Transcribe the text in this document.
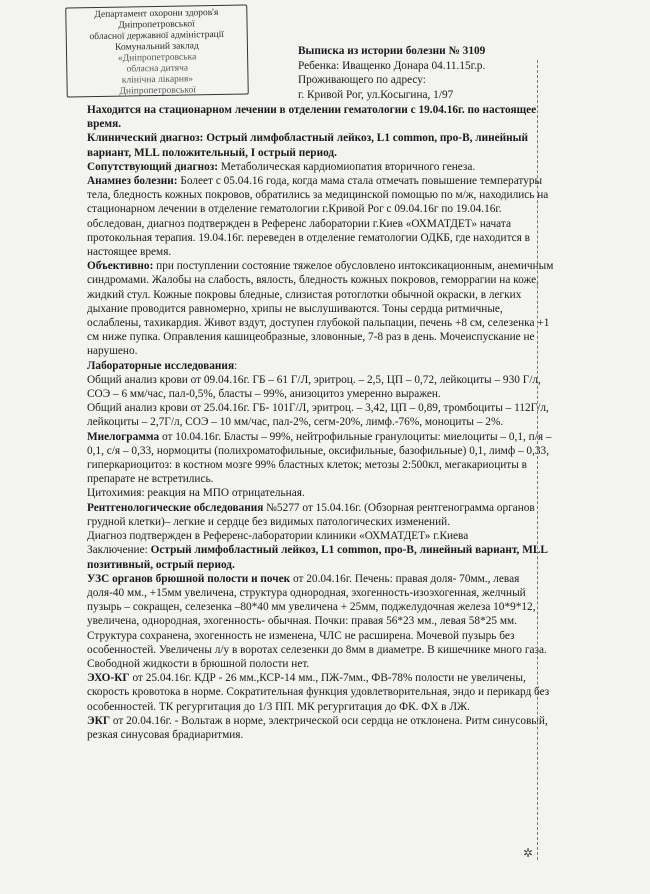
Департамент охорони здоров'я
Дніпропетровської
обласної державної адміністрації
Комунальний заклад
«Дніпропетровська
обласна дитяча
клінічна лікарня»
Дніпропетровської
Выписка из истории болезни № 3109
Ребенка: Иващенко Донара 04.11.15г.р.
Проживающего по адресу:
г. Кривой Рог, ул.Косыгина, 1/97

Находится на стационарном лечении в отделении гематологии с 19.04.16г. по настоящее время.

Клинический диагноз: Острый лимфобластный лейкоз, L1 common, про-В, линейный вариант, MLL положительный, I острый период.

Сопутствующий диагноз: Метаболическая кардиомиопатия вторичного генеза.

Анамнез болезни: Болеет с 05.04.16 года, когда мама стала отмечать повышение температуры тела, бледность кожных покровов, обратились за медицинской помощью по м/ж, находились на стационарном лечении в отделение гематологии г.Кривой Рог с 09.04.16г по 19.04.16г. обследован, диагноз подтвержден в Референс лаборатории г.Киев «ОХМАТДЕТ» начата протокольная терапия. 19.04.16г. переведен в отделение гематологии ОДКБ, где находится в настоящее время.

Объективно: при поступлении состояние тяжелое обусловлено интоксикационным, анемичным синдромами. Жалобы на слабость, вялость, бледность кожных покровов, геморрагии на коже, жидкий стул. Кожные покровы бледные, слизистая ротоглотки обычной окраски, в легких дыхание проводится равномерно, хрипы не выслушиваются. Тоны сердца ритмичные, ослаблены, тахикардия. Живот вздут, доступен глубокой пальпации, печень +8 см, селезенка +1 см ниже пупка. Оправления кашицеобразные, зловонные, 7-8 раз в день. Мочеиспускание не нарушено.

Лабораторные исследования:

Общий анализ крови от 09.04.16г. ГБ – 61 Г/Л, эритроц. – 2,5, ЦП – 0,72, лейкоциты – 930 Г/л, СОЭ – 6 мм/час, пал-0,5%, бласты – 99%, анизоцитоз умеренно выражен.

Общий анализ крови от 25.04.16г. ГБ- 101Г/Л, эритроц. – 3,42, ЦП – 0,89, тромбоциты – 112Г/л, лейкоциты – 2,7Г/л, СОЭ – 10 мм/час, пал-2%, сегм-20%, лимф.-76%, моноциты – 2%.

Миелограмма от 10.04.16г. Бласты – 99%, нейтрофильные гранулоциты: миелоциты – 0,1, п/я – 0,1, с/я – 0,33, нормоциты (полихроматофильные, оксифильные, базофильные) 0,1, лимф – 0,33, гиперкариоцитоз: в костном мозге 99% бластных клеток; метозы 2:500кл, мегакариоциты в препарате не встретились.

Цитохимия: реакция на МПО отрицательная.

Рентгенологические обследования №5277 от 15.04.16г. (Обзорная рентгенограмма органов грудной клетки)– легкие и сердце без видимых патологических изменений.

Диагноз подтвержден в Референс-лаборатории клиники «ОХМАТДЕТ» г.Киева

Заключение: Острый лимфобластный лейкоз, L1 common, про-В, линейный вариант, MLL позитивный, острый период.

УЗС органов брюшной полости и почек от 20.04.16г. Печень: правая доля- 70мм., левая доля-40 мм., +15мм увеличена, структура однородная, эхогенность-изоэхогенная, желчный пузырь – сокращен, селезенка –80*40 мм увеличена + 25мм, поджелудочная железа 10*9*12, увеличена, однородная, эхогенность- обычная. Почки: правая 56*23 мм., левая 58*25 мм. Структура сохранена, эхогенность не изменена, ЧЛС не расширена. Мочевой пузырь без особенностей. Увеличены л/у в воротах селезенки до 8мм в диаметре. В кишечнике много газа. Свободной жидкости в брюшной полости нет.

ЭХО-КГ от 25.04.16г. КДР - 26 мм.,КСР-14 мм., ПЖ-7мм., ФВ-78% полости не увеличены, скорость кровотока в норме. Сократительная функция удовлетворительная, эндо и перикард без особенностей. ТК регургитация до 1/3 ПП. МК регургитация до ФК. ФХ в ЛЖ.

ЭКГ от 20.04.16г. - Вольтаж в норме, электрической оси сердца не отклонена. Ритм синусовый, резкая синусовая брадиаритмия.

✲
